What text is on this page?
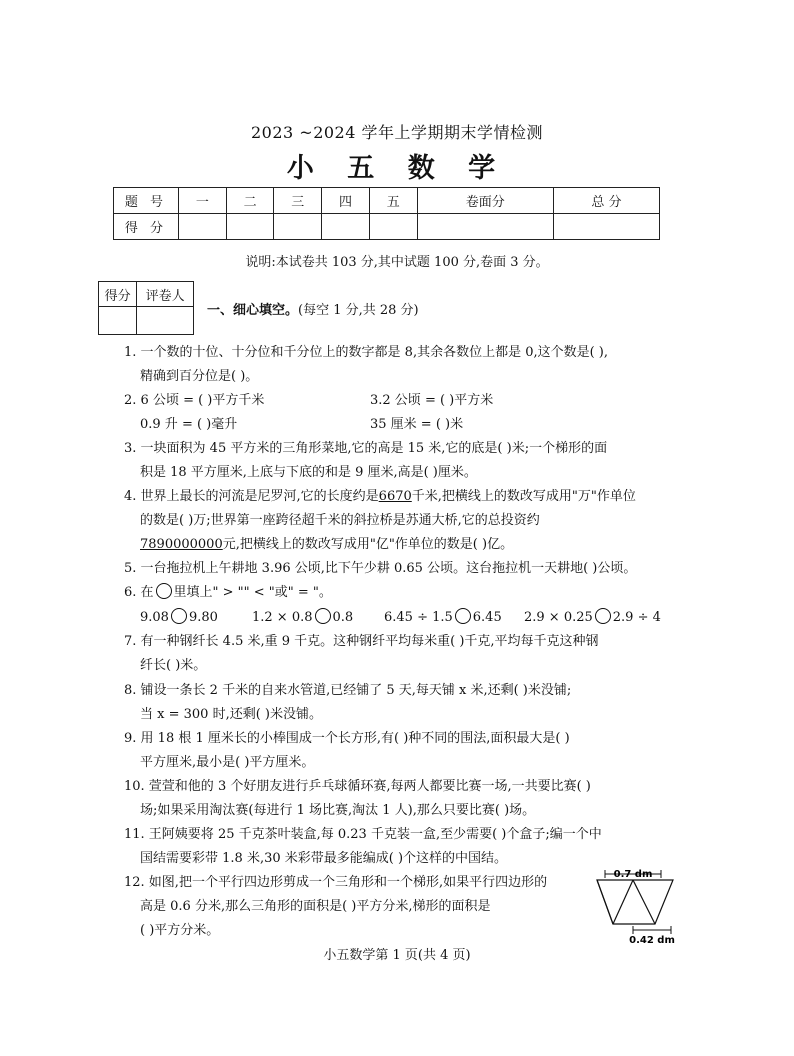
2023 ~2024 学年上学期期末学情检测
小 五 数 学
题 号	一	二	三	四	五	卷面分	总 分
得 分							
说明:本试卷共 103 分,其中试题 100 分,卷面 3 分。
得分	评卷人

一、细心填空。(每空 1 分,共 28 分)
1. 一个数的十位、十分位和千分位上的数字都是 8,其余各数位上都是 0,这个数是( ),
精确到百分位是( )。
2. 6 公顷 = ( )平方千米	3.2 公顷 = ( )平方米
0.9 升 = ( )毫升	35 厘米 = ( )米
3. 一块面积为 45 平方米的三角形菜地,它的高是 15 米,它的底是( )米;一个梯形的面
积是 18 平方厘米,上底与下底的和是 9 厘米,高是( )厘米。
4. 世界上最长的河流是尼罗河,它的长度约是6670千米,把横线上的数改写成用"万"作单位
的数是( )万;世界第一座跨径超千米的斜拉桥是苏通大桥,它的总投资约
7890000000元,把横线上的数改写成用"亿"作单位的数是( )亿。
5. 一台拖拉机上午耕地 3.96 公顷,比下午少耕 0.65 公顷。这台拖拉机一天耕地( )公顷。
6. 在 里填上" > "" < "或" = "。
9.08 9.80	1.2 × 0.8 0.8 6.45 ÷ 1.5 6.45 2.9 × 0.25 2.9 ÷ 4
7. 有一种钢纤长 4.5 米,重 9 千克。这种钢纤平均每米重( )千克,平均每千克这种钢
纤长( )米。
8. 铺设一条长 2 千米的自来水管道,已经铺了 5 天,每天铺 x 米,还剩( )米没铺;
当 x = 300 时,还剩( )米没铺。
9. 用 18 根 1 厘米长的小棒围成一个长方形,有( )种不同的围法,面积最大是( )
平方厘米,最小是( )平方厘米。
10. 萱萱和他的 3 个好朋友进行乒乓球循环赛,每两人都要比赛一场,一共要比赛( )
场;如果采用淘汰赛(每进行 1 场比赛,淘汰 1 人),那么只要比赛( )场。
11. 王阿姨要将 25 千克茶叶装盒,每 0.23 千克装一盒,至少需要( )个盒子;编一个中
国结需要彩带 1.8 米,30 米彩带最多能编成( )个这样的中国结。
12. 如图,把一个平行四边形剪成一个三角形和一个梯形,如果平行四边形的
高是 0.6 分米,那么三角形的面积是( )平方分米,梯形的面积是
( )平方分米。
0.7 dm
0.42 dm
小五数学第 1 页(共 4 页)
